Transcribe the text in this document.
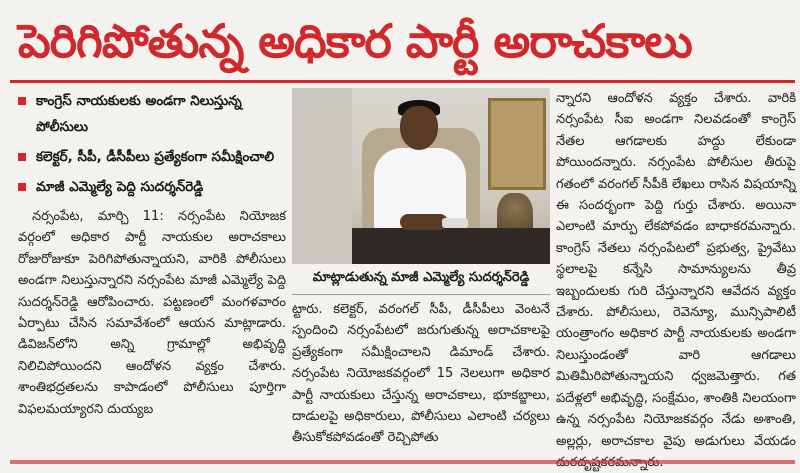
పెరిగిపోతున్న అధికార పార్టీ అరాచకాలు
కాంగ్రెస్ నాయకులకు అండగా నిలుస్తున్న పోలీసులు
కలెక్టర్, సీపీ, డీసీపీలు ప్రత్యేకంగా సమీక్షించాలి
మాజీ ఎమ్మెల్యే పెద్ది సుదర్శన్‌రెడ్డి

నర్సంపేట, మార్చి 11: నర్సంపేట నియోజక వర్గంలో అధికార పార్టీ నాయకుల అరాచకాలు రోజురోజుకూ పెరిగిపోతున్నాయని, వారికి పోలీసులు అండగా నిలుస్తున్నారని నర్సంపేట మాజీ ఎమ్మెల్యే పెద్ది సుదర్శన్‌రెడ్డి ఆరోపించారు. పట్టణంలో మంగళవారం ఏర్పాటు చేసిన సమావేశంలో ఆయన మాట్లాడారు. డివిజన్‌లోని అన్ని గ్రామాల్లో అభివృద్ధి నిలిచిపోయిందని ఆందోళన వ్యక్తం చేశారు. శాంతిభద్రతలను కాపాడంలో పోలీసులు పూర్తిగా విఫలమయ్యారని దుయ్యబ

మాట్లాడుతున్న మాజీ ఎమ్మెల్యే సుదర్శన్‌రెడ్డి

ట్టారు. కలెక్టర్, వరంగల్ సీపీ, డీసీపీలు వెంటనే స్పందించి నర్సంపేటలో జరుగుతున్న అరాచకాలపై ప్రత్యేకంగా సమీక్షించాలని డిమాండ్ చేశారు. నర్సంపేట నియోజకవర్గంలో 15 నెలలుగా అధికార పార్టీ నాయకులు చేస్తున్న అరాచకాలు, భూకబ్జాలు, దాడులపై అధికారులు, పోలీసులు ఎలాంటి చర్యలు తీసుకోకపోవడంతో రెచ్చిపోతు

న్నారని ఆందోళన వ్యక్తం చేశారు. వారికి నర్సంపేట సీఐ అండగా నిలవడంతో కాంగ్రెస్ నేతల ఆగడాలకు హద్దు లేకుండా పోయిందన్నారు. నర్సంపేట పోలీసుల తీరుపై గతంలో వరంగల్ సీపీకి లేఖలు రాసిన విషయాన్ని ఈ సందర్భంగా పెద్ది గుర్తు చేశారు. అయినా ఎలాంటి మార్పు లేకపోవడం బాధాకరమన్నారు. కాంగ్రెస్ నేతలు నర్సంపేటలో ప్రభుత్వ, ప్రైవేటు స్థలాలపై కన్నేసి సామాన్యులను తీవ్ర ఇబ్బందులకు గురి చేస్తున్నారని ఆవేదన వ్యక్తం చేశారు. పోలీసులు, రెవెన్యూ, మున్సిపాలిటీ యంత్రాంగం అధికార పార్టీ నాయకులకు అండగా నిలుస్తుండంతో వారి ఆగడాలు మితిమీరిపోతున్నాయని ధ్వజమెత్తారు. గత పదేళ్లలో అభివృద్ధి, సంక్షేమం, శాంతికి నిలయంగా ఉన్న నర్సంపేట నియోజకవర్గం నేడు అశాంతి, అల్లర్లు, అరాచకాల వైపు అడుగులు వేయడం
